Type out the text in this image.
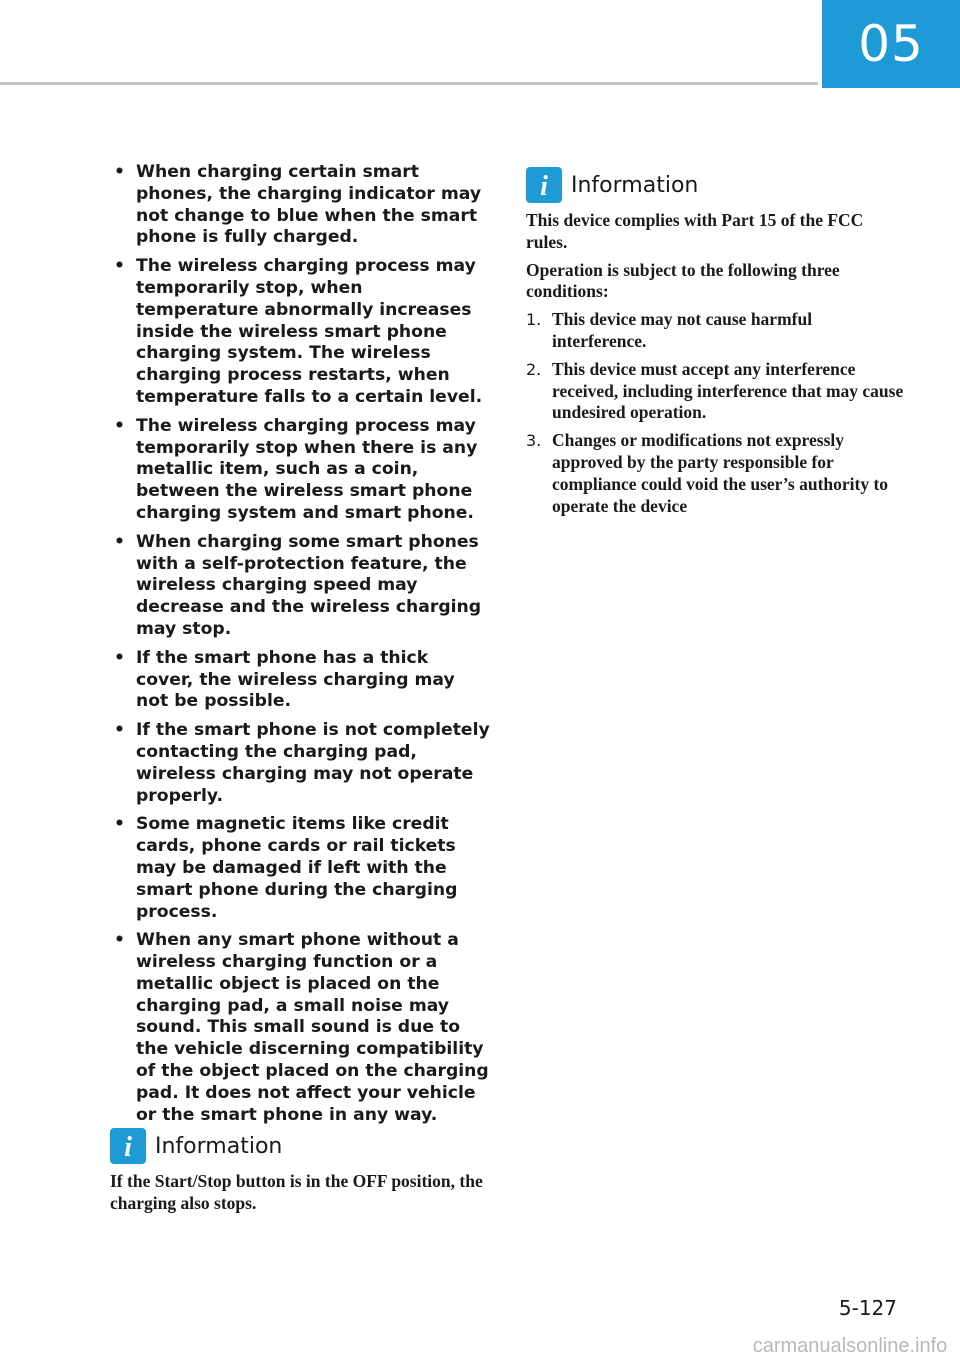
05
• When charging certain smart phones, the charging indicator may not change to blue when the smart phone is fully charged.
• The wireless charging process may temporarily stop, when temperature abnormally increases inside the wireless smart phone charging system. The wireless charging process restarts, when temperature falls to a certain level.
• The wireless charging process may temporarily stop when there is any metallic item, such as a coin, between the wireless smart phone charging system and smart phone.
• When charging some smart phones with a self-protection feature, the wireless charging speed may decrease and the wireless charging may stop.
• If the smart phone has a thick cover, the wireless charging may not be possible.
• If the smart phone is not completely contacting the charging pad, wireless charging may not operate properly.
• Some magnetic items like credit cards, phone cards or rail tickets may be damaged if left with the smart phone during the charging process.
• When any smart phone without a wireless charging function or a metallic object is placed on the charging pad, a small noise may sound. This small sound is due to the vehicle discerning compatibility of the object placed on the charging pad. It does not affect your vehicle or the smart phone in any way.
i Information

If the Start/Stop button is in the OFF position, the charging also stops.

i Information

This device complies with Part 15 of the FCC rules.

Operation is subject to the following three conditions:

1. This device may not cause harmful interference.
2. This device must accept any interference received, including interference that may cause undesired operation.
3. Changes or modifications not expressly approved by the party responsible for compliance could void the user’s authority to operate the device
5-127
carmanualsonline.info
